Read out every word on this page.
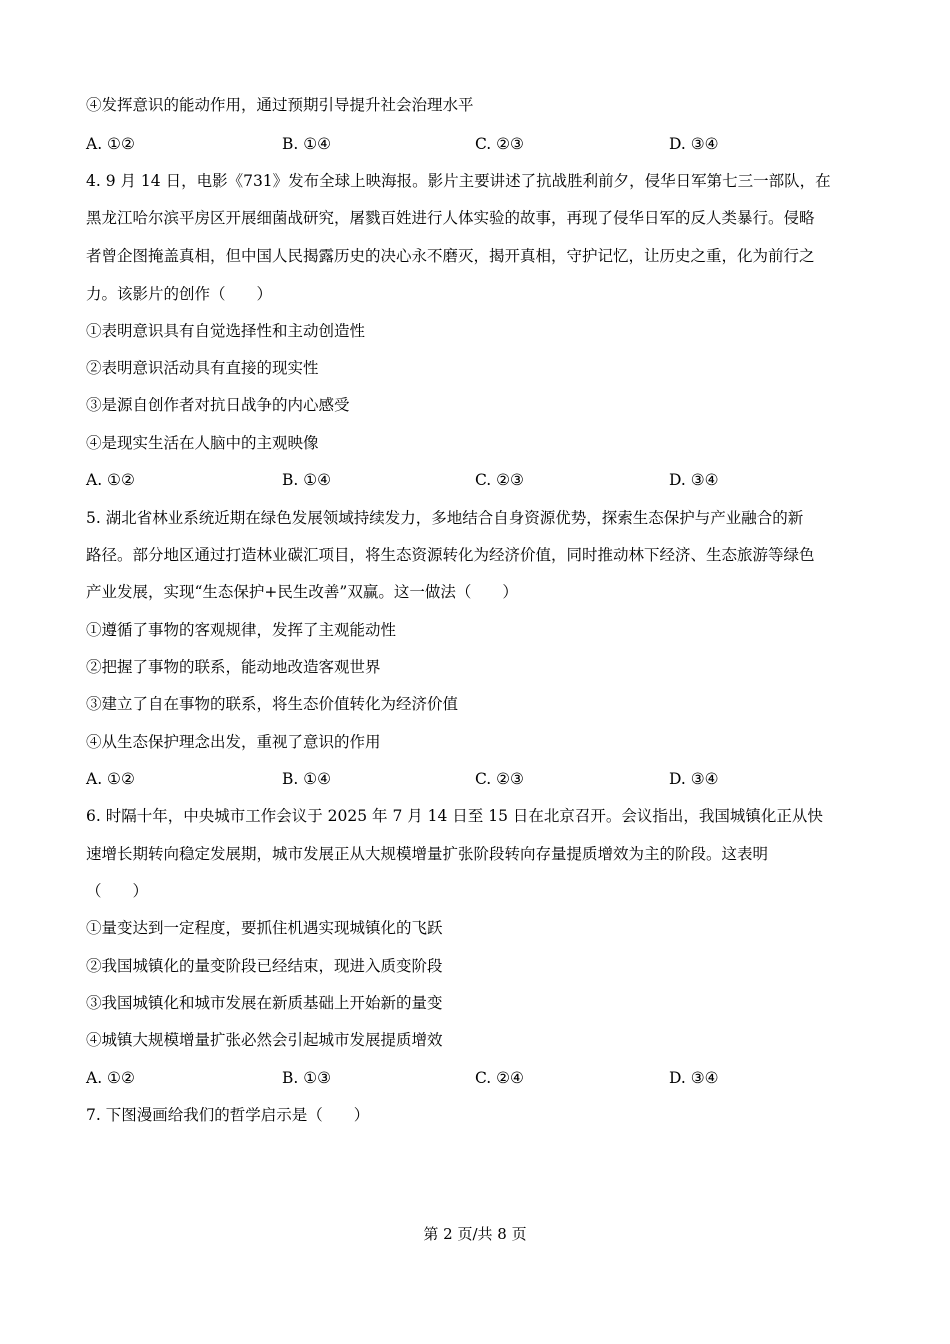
④发挥意识的能动作用，通过预期引导提升社会治理水平
A. ①②	B. ①④	C. ②③	D. ③④
4. 9 月 14 日，电影《731》发布全球上映海报。影片主要讲述了抗战胜利前夕，侵华日军第七三一部队，在
黑龙江哈尔滨平房区开展细菌战研究，屠戮百姓进行人体实验的故事，再现了侵华日军的反人类暴行。侵略
者曾企图掩盖真相，但中国人民揭露历史的决心永不磨灭，揭开真相，守护记忆，让历史之重，化为前行之
力。该影片的创作（　　）
①表明意识具有自觉选择性和主动创造性
②表明意识活动具有直接的现实性
③是源自创作者对抗日战争的内心感受
④是现实生活在人脑中的主观映像
A. ①②	B. ①④	C. ②③	D. ③④
5. 湖北省林业系统近期在绿色发展领域持续发力，多地结合自身资源优势，探索生态保护与产业融合的新
路径。部分地区通过打造林业碳汇项目，将生态资源转化为经济价值，同时推动林下经济、生态旅游等绿色
产业发展，实现“生态保护+民生改善”双赢。这一做法（　　）
①遵循了事物的客观规律，发挥了主观能动性
②把握了事物的联系，能动地改造客观世界
③建立了自在事物的联系，将生态价值转化为经济价值
④从生态保护理念出发，重视了意识的作用
A. ①②	B. ①④	C. ②③	D. ③④
6. 时隔十年，中央城市工作会议于 2025 年 7 月 14 日至 15 日在北京召开。会议指出，我国城镇化正从快
速增长期转向稳定发展期，城市发展正从大规模增量扩张阶段转向存量提质增效为主的阶段。这表明
（　　）
①量变达到一定程度，要抓住机遇实现城镇化的飞跃
②我国城镇化的量变阶段已经结束，现进入质变阶段
③我国城镇化和城市发展在新质基础上开始新的量变
④城镇大规模增量扩张必然会引起城市发展提质增效
A. ①②	B. ①③	C. ②④	D. ③④
7. 下图漫画给我们的哲学启示是（　　）
第 2 页/共 8 页
